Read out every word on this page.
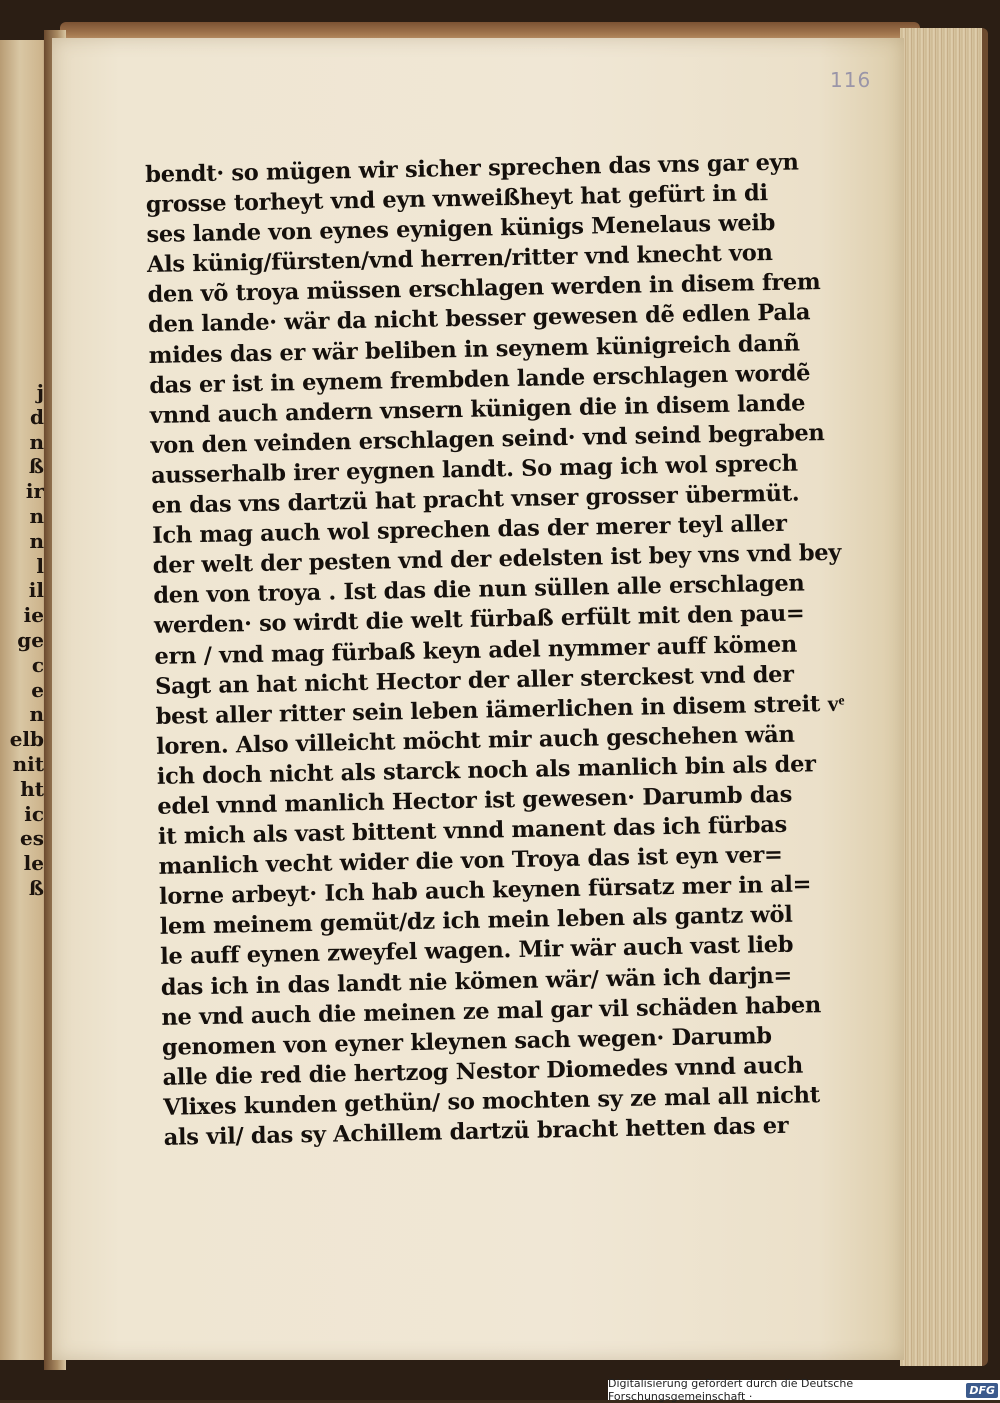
j
d
n
ß
ir
n
n
l
il
ie
ge
c
e
n
elb
nit
ht
ic
es
le
ß
116
bendt· so mügen wir sicher sprechen das vns gar eyn
grosse torheyt vnd eyn vnweißheyt hat gefürt in di
ses lande von eynes eynigen künigs Menelaus weib
Als künig/fürsten/vnd herren/ritter vnd knecht von
den võ troya müssen erschlagen werden in disem frem
den lande· wär da nicht besser gewesen dẽ edlen Pala
mides das er wär beliben in seynem künigreich danñ
das er ist in eynem frembden lande erschlagen wordẽ
vnnd auch andern vnsern künigen die in disem lande
von den veinden erschlagen seind· vnd seind begraben
ausserhalb irer eygnen landt. So mag ich wol sprech
en das vns dartzü hat pracht vnser grosser übermüt.
Ich mag auch wol sprechen das der merer teyl aller
der welt der pesten vnd der edelsten ist bey vns vnd bey
den von troya . Ist das die nun süllen alle erschlagen
werden· so wirdt die welt fürbaß erfült mit den pau=
ern / vnd mag fürbaß keyn adel nymmer auff kömen
Sagt an hat nicht Hector der aller sterckest vnd der
best aller ritter sein leben iämerlichen in disem streit vͤ
loren. Also villeicht möcht mir auch geschehen wän
ich doch nicht als starck noch als manlich bin als der
edel vnnd manlich Hector ist gewesen· Darumb das
it mich als vast bittent vnnd manent das ich fürbas
manlich vecht wider die von Troya das ist eyn ver=
lorne arbeyt· Ich hab auch keynen fürsatz mer in al=
lem meinem gemüt/dz ich mein leben als gantz wöl
le auff eynen zweyfel wagen. Mir wär auch vast lieb
das ich in das landt nie kömen wär/ wän ich darjn=
ne vnd auch die meinen ze mal gar vil schäden haben
genomen von eyner kleynen sach wegen· Darumb
alle die red die hertzog Nestor Diomedes vnnd auch
Vlixes kunden gethün/ so mochten sy ze mal all nicht
als vil/ das sy Achillem dartzü bracht hetten das er
Digitalisierung gefördert durch die Deutsche Forschungsgemeinschaft ·	DFG
